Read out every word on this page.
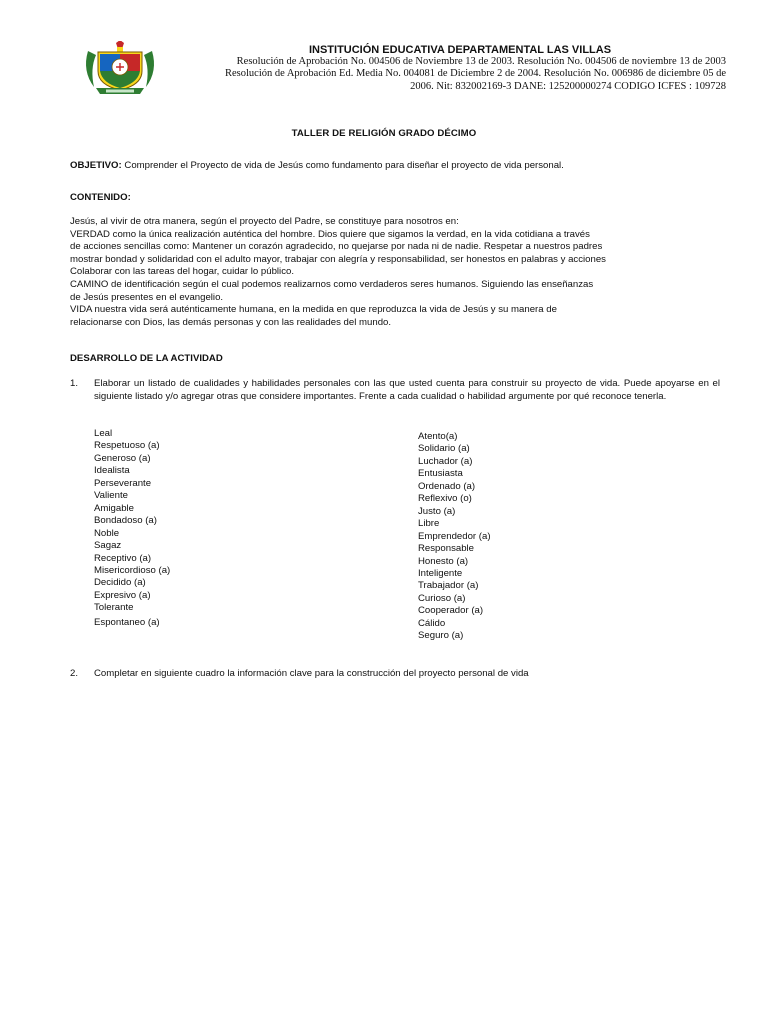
INSTITUCIÓN EDUCATIVA DEPARTAMENTAL LAS VILLAS
Resolución de Aprobación No. 004506 de Noviembre 13 de 2003. Resolución No. 004506 de noviembre 13 de 2003
Resolución de Aprobación Ed. Media No. 004081 de Diciembre 2 de 2004. Resolución No. 006986 de diciembre 05 de
2006. Nit: 832002169-3 DANE: 125200000274 CODIGO ICFES : 109728
TALLER DE RELIGIÓN GRADO DÉCIMO
OBJETIVO: Comprender el Proyecto de vida de Jesús como fundamento para diseñar el proyecto de vida personal.
CONTENIDO:
Jesús, al vivir de otra manera, según el proyecto del Padre, se constituye para nosotros en:
VERDAD como la única realización auténtica del hombre. Dios quiere que sigamos la verdad, en la vida cotidiana a través
de acciones sencillas como: Mantener un corazón agradecido, no quejarse por nada ni de nadie. Respetar a nuestros padres
mostrar bondad y solidaridad con el adulto mayor, trabajar con alegría y responsabilidad, ser honestos en palabras y acciones
Colaborar con las tareas del hogar, cuidar lo público.
CAMINO de identificación según el cual podemos realizarnos como verdaderos seres humanos. Siguiendo las enseñanzas
de Jesús presentes en el evangelio.
VIDA nuestra vida será auténticamente humana, en la medida en que reproduzca la vida de Jesús y su manera de
relacionarse con Dios, las demás personas y con las realidades del mundo.
DESARROLLO DE LA ACTIVIDAD
1. Elaborar un listado de cualidades y habilidades personales con las que usted cuenta para construir su proyecto de vida. Puede apoyarse en el siguiente listado y/o agregar otras que considere importantes. Frente a cada cualidad o habilidad argumente por qué reconoce tenerla.
Leal
Respetuoso (a)
Generoso (a)
Idealista
Perseverante
Valiente
Amigable
Bondadoso (a)
Noble
Sagaz
Receptivo (a)
Misericordioso (a)
Decidido (a)
Expresivo (a)
Tolerante
Espontaneo (a)
Atento(a)
Solidario (a)
Luchador (a)
Entusiasta
Ordenado (a)
Reflexivo (o)
Justo (a)
Libre
Emprendedor (a)
Responsable
Honesto (a)
Inteligente
Trabajador (a)
Curioso (a)
Cooperador (a)
Cálido
Seguro (a)
2. Completar en siguiente cuadro la información clave para la construcción del proyecto personal de vida
